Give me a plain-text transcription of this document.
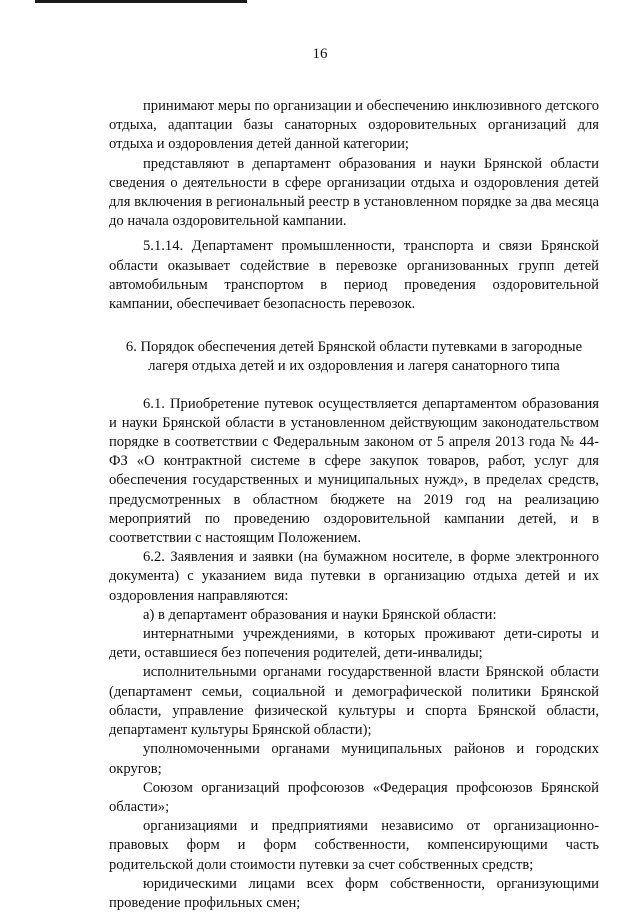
16

принимают меры по организации и обеспечению инклюзивного детского отдыха, адаптации базы санаторных оздоровительных организаций для отдыха и оздоровления детей данной категории;

представляют в департамент образования и науки Брянской области сведения о деятельности в сфере организации отдыха и оздоровления детей для включения в региональный реестр в установленном порядке за два месяца до начала оздоровительной кампании.

5.1.14. Департамент промышленности, транспорта и связи Брянской области оказывает содействие в перевозке организованных групп детей автомобильным транспортом в период проведения оздоровительной кампании, обеспечивает безопасность перевозок.

6. Порядок обеспечения детей Брянской области путевками в загородные
лагеря отдыха детей и их оздоровления и лагеря санаторного типа

6.1. Приобретение путевок осуществляется департаментом образования и науки Брянской области в установленном действующим законодательством порядке в соответствии с Федеральным законом от 5 апреля 2013 года № 44-ФЗ «О контрактной системе в сфере закупок товаров, работ, услуг для обеспечения государственных и муниципальных нужд», в пределах средств, предусмотренных в областном бюджете на 2019 год на реализацию мероприятий по проведению оздоровительной кампании детей, и в соответствии с настоящим Положением.

6.2. Заявления и заявки (на бумажном носителе, в форме электронного документа) с указанием вида путевки в организацию отдыха детей и их оздоровления направляются:

а) в департамент образования и науки Брянской области:

интернатными учреждениями, в которых проживают дети-сироты и дети, оставшиеся без попечения родителей, дети-инвалиды;

исполнительными органами государственной власти Брянской области (департамент семьи, социальной и демографической политики Брянской области, управление физической культуры и спорта Брянской области, департамент культуры Брянской области);

уполномоченными органами муниципальных районов и городских округов;

Союзом организаций профсоюзов «Федерация профсоюзов Брянской области»;

организациями и предприятиями независимо от организационно-правовых форм и форм собственности, компенсирующими часть родительской доли стоимости путевки за счет собственных средств;

юридическими лицами всех форм собственности, организующими проведение профильных смен;
